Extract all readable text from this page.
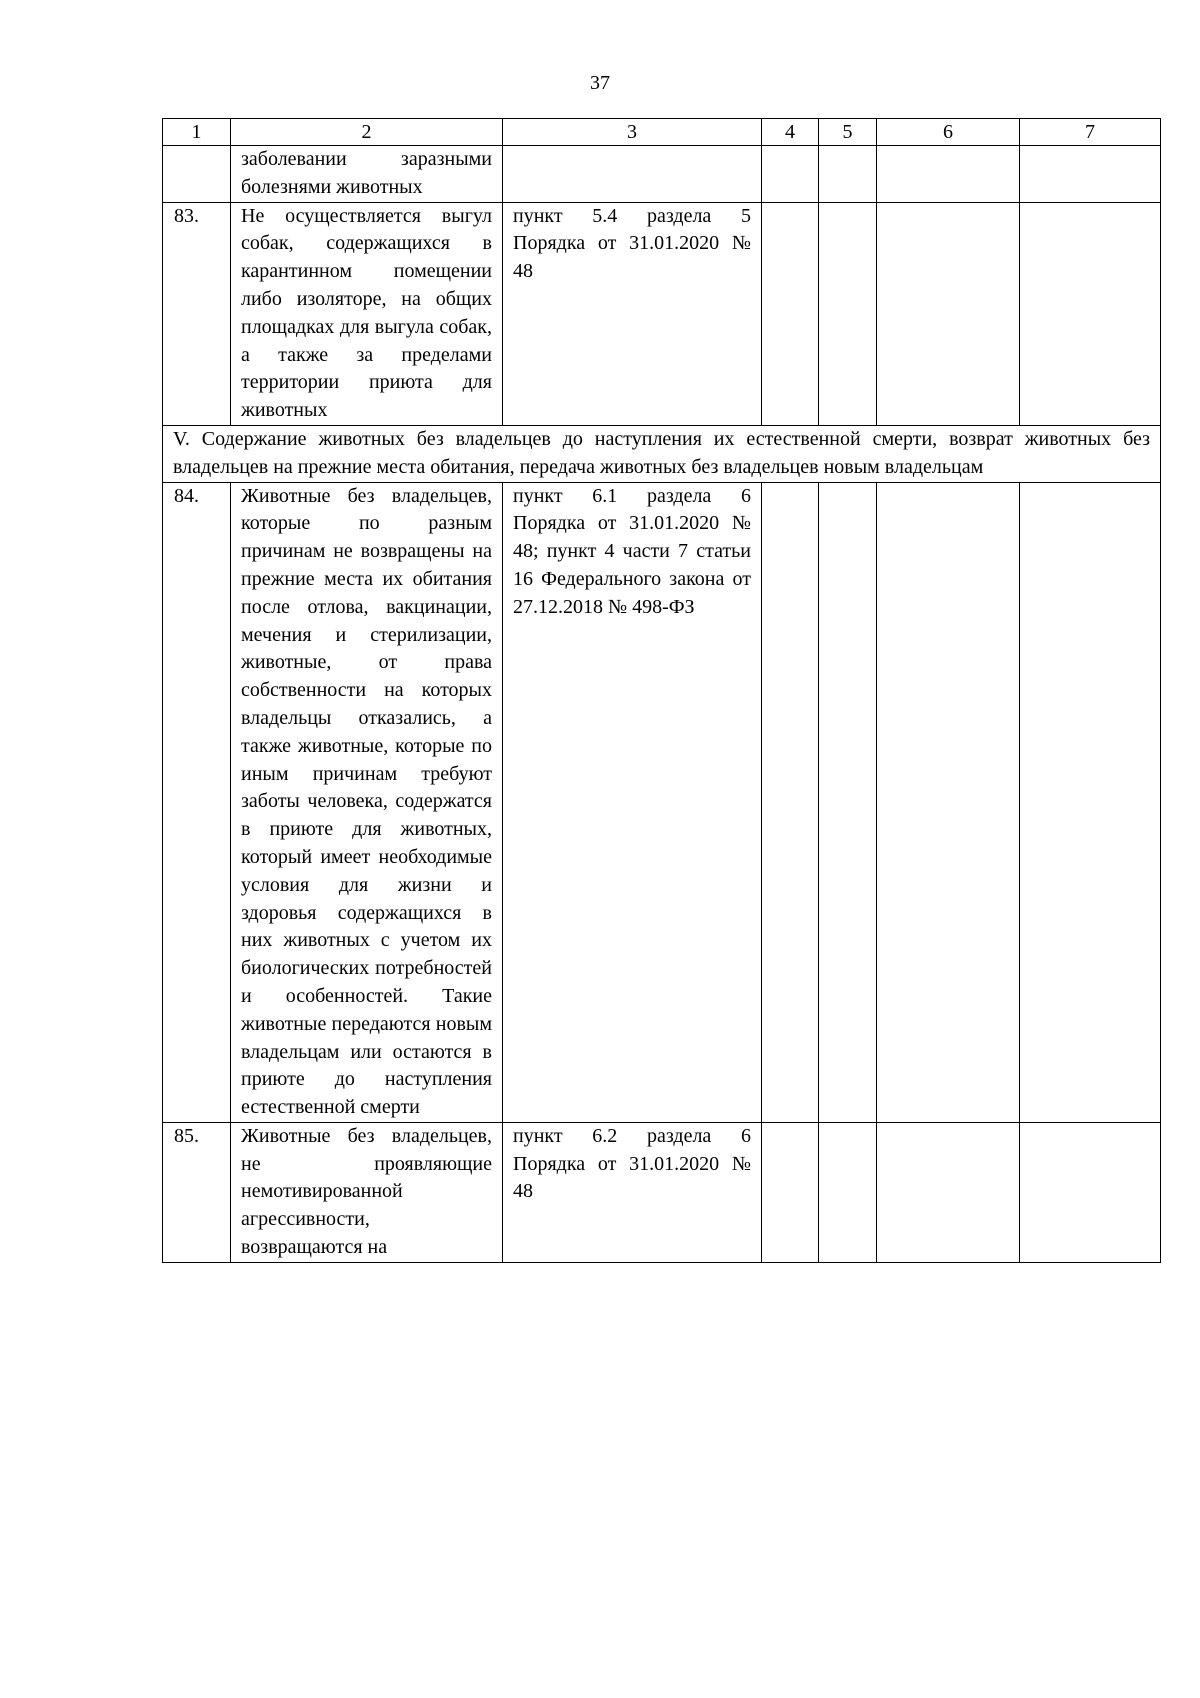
37
1	2	3	4	5	6	7
	заболевании заразными болезнями животных					
83.	Не осуществляется выгул собак, содержащихся в карантинном помещении либо изоляторе, на общих площадках для выгула собак, а также за пределами территории приюта для животных	пункт 5.4 раздела 5 Порядка от 31.01.2020 № 48				
V. Содержание животных без владельцев до наступления их естественной смерти, возврат животных без владельцев на прежние места обитания, передача животных без владельцев новым владельцам						
84.	Животные без владельцев, которые по разным причинам не возвращены на прежние места их обитания после отлова, вакцинации, мечения и стерилизации, животные, от права собственности на которых владельцы отказались, а также животные, которые по иным причинам требуют заботы человека, содержатся в приюте для животных, который имеет необходимые условия для жизни и здоровья содержащихся в них животных с учетом их биологических потребностей и особенностей. Такие животные передаются новым владельцам или остаются в приюте до наступления естественной смерти	пункт 6.1 раздела 6 Порядка от 31.01.2020 № 48; пункт 4 части 7 статьи 16 Федерального закона от 27.12.2018 № 498-ФЗ				
85.	Животные без владельцев, не проявляющие немотивированной агрессивности, возвращаются на	пункт 6.2 раздела 6 Порядка от 31.01.2020 № 48				
